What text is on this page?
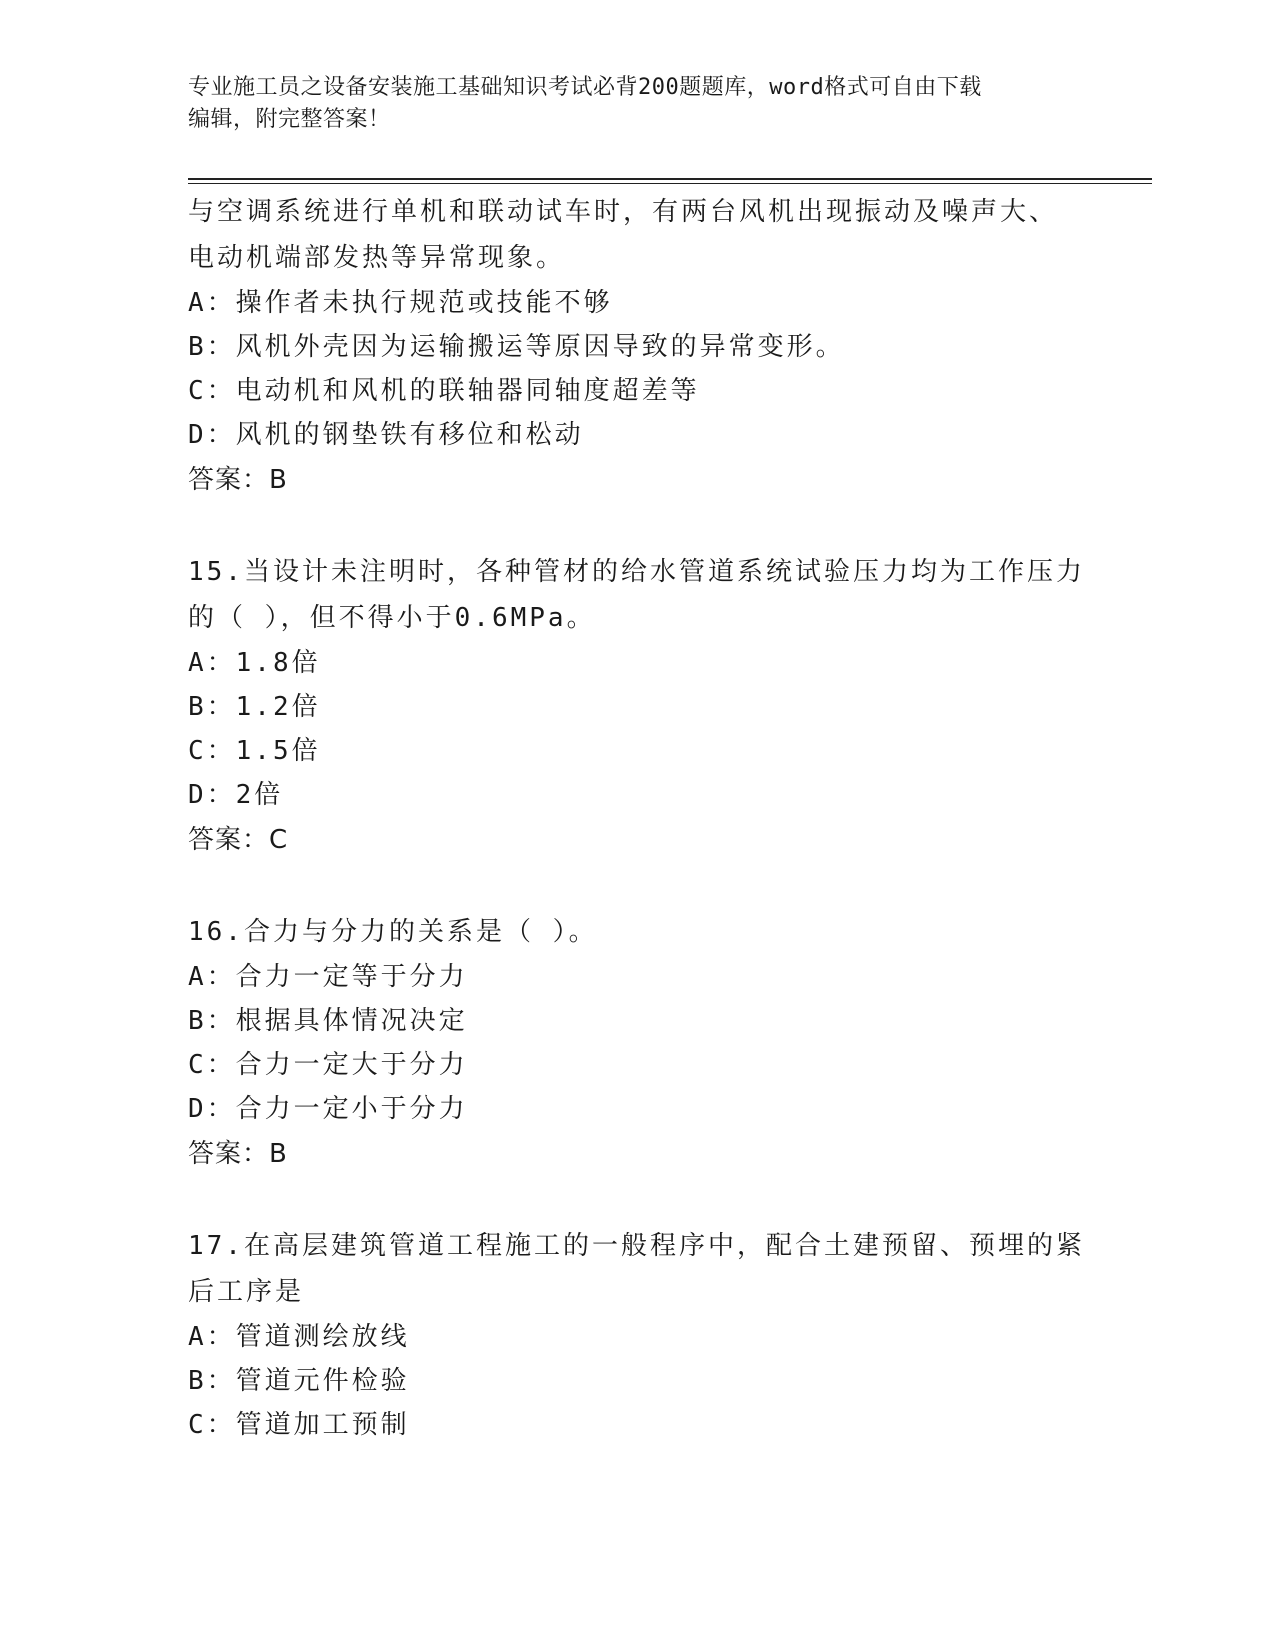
专业施工员之设备安装施工基础知识考试必背200题题库，word格式可自由下载
编辑，附完整答案！
与空调系统进行单机和联动试车时，有两台风机出现振动及噪声大、
电动机端部发热等异常现象。
A：操作者未执行规范或技能不够
B：风机外壳因为运输搬运等原因导致的异常变形。
C：电动机和风机的联轴器同轴度超差等
D：风机的钢垫铁有移位和松动
答案：B
15.当设计未注明时，各种管材的给水管道系统试验压力均为工作压力
的（ ），但不得小于0.6MPa。
A：1.8倍
B：1.2倍
C：1.5倍
D：2倍
答案：C
16.合力与分力的关系是（ ）。
A：合力一定等于分力
B：根据具体情况决定
C：合力一定大于分力
D：合力一定小于分力
答案：B
17.在高层建筑管道工程施工的一般程序中，配合土建预留、预埋的紧
后工序是
A：管道测绘放线
B：管道元件检验
C：管道加工预制
